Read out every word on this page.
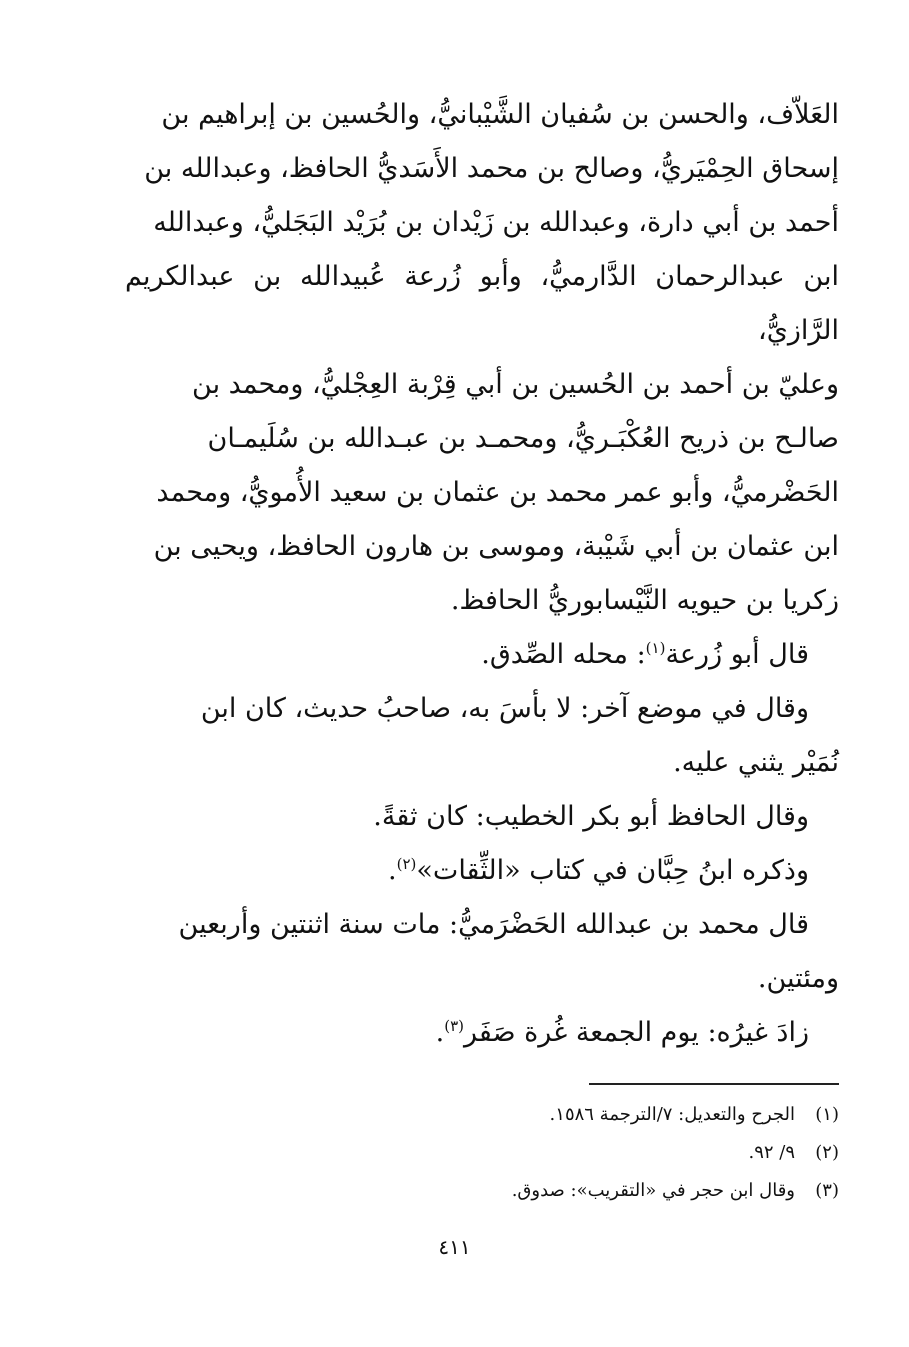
العَلاّف، والحسن بن سُفيان الشَّيْبانيُّ، والحُسين بن إبراهيم بن
إسحاق الحِمْيَريُّ، وصالح بن محمد الأَسَديُّ الحافظ، وعبدالله بن
أحمد بن أبي دارة، وعبدالله بن زَيْدان بن بُرَيْد البَجَليُّ، وعبدالله
ابن عبدالرحمان الدَّارميُّ، وأبو زُرعة عُبيدالله بن عبدالكريم الرَّازيُّ،
وعليّ بن أحمد بن الحُسين بن أبي قِرْبة العِجْليُّ، ومحمد بن
صالـح بن ذريح العُكْبَـريُّ، ومحمـد بن عبـدالله بن سُلَيمـان
الحَضْرميُّ، وأبو عمر محمد بن عثمان بن سعيد الأُمويُّ، ومحمد
ابن عثمان بن أبي شَيْبة، وموسى بن هارون الحافظ، ويحيى بن
زكريا بن حيويه النَّيْسابوريُّ الحافظ.

قال أبو زُرعة$^{(١)}$: محله الصِّدق.

وقال في موضع آخر: لا بأسَ به، صاحبُ حديث، كان ابن
نُمَيْر يثني عليه.

وقال الحافظ أبو بكر الخطيب: كان ثقةً.

وذكره ابنُ حِبَّان في كتاب «الثِّقات»$^{(٢)}$.

قال محمد بن عبدالله الحَضْرَميُّ: مات سنة اثنتين وأربعين
ومئتين.

زادَ غيرُه: يوم الجمعة غُرة صَفَر$^{(٣)}$.

(١)
الجرح والتعديل: ٧/الترجمة ١٥٨٦.
(٢)
٩/ ٩٢.
(٣)
وقال ابن حجر في «التقريب»: صدوق.
٤١١
